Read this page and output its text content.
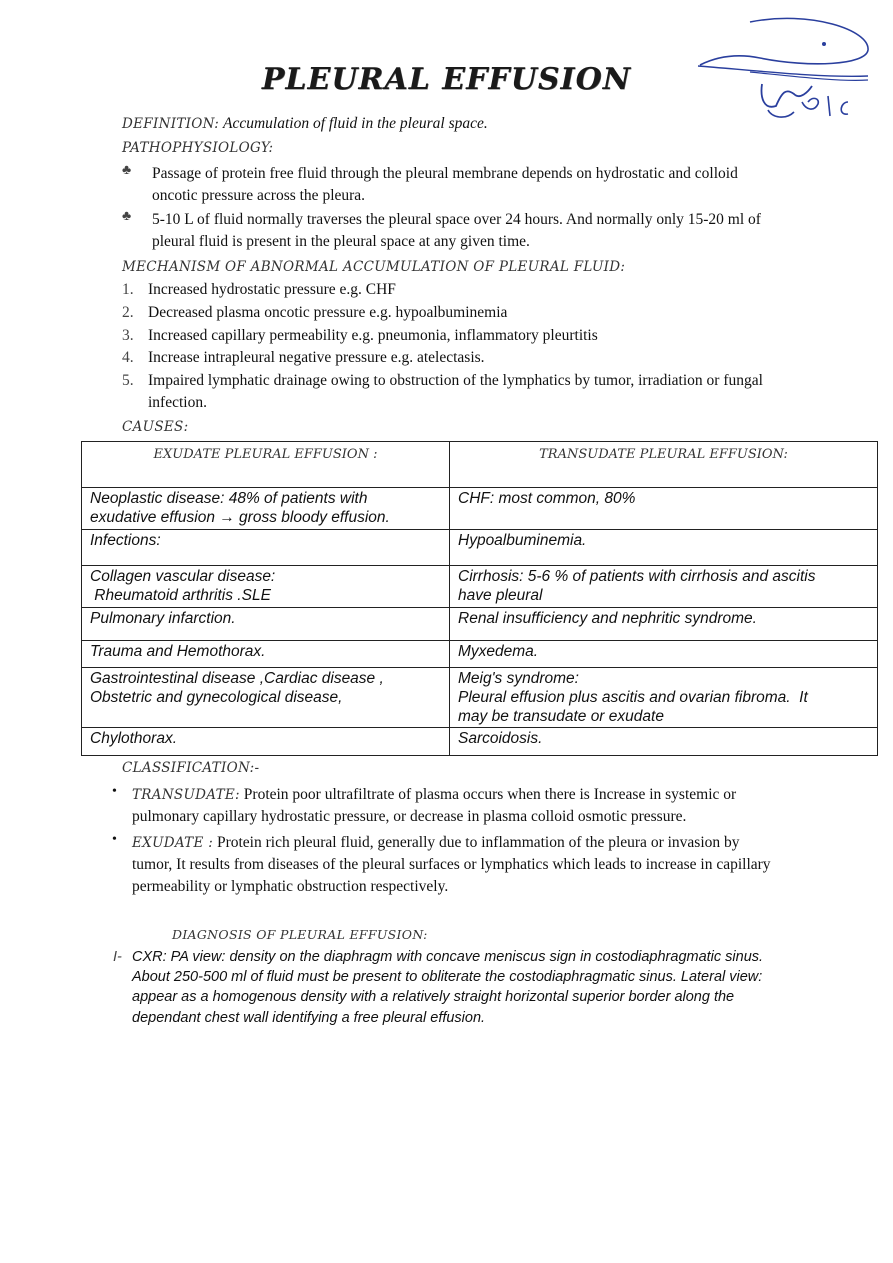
PLEURAL EFFUSION
DEFINITION: Accumulation of fluid in the pleural space.
PATHOPHYSIOLOGY:
♣ Passage of protein free fluid through the pleural membrane depends on hydrostatic and colloid
oncotic pressure across the pleura.
♣ 5-10 L of fluid normally traverses the pleural space over 24 hours. And normally only 15-20 ml of
pleural fluid is present in the pleural space at any given time.
MECHANISM OF ABNORMAL ACCUMULATION OF PLEURAL FLUID:
1. Increased hydrostatic pressure e.g. CHF
2. Decreased plasma oncotic pressure e.g. hypoalbuminemia
3. Increased capillary permeability e.g. pneumonia, inflammatory pleurtitis
4. Increase intrapleural negative pressure e.g. atelectasis.
5. Impaired lymphatic drainage owing to obstruction of the lymphatics by tumor, irradiation or fungal
infection.
CAUSES:
EXUDATE PLEURAL EFFUSION :	TRANSUDATE PLEURAL EFFUSION:
Neoplastic disease: 48% of patients with
exudative effusion → gross bloody effusion.	CHF: most common, 80%
Infections:	Hypoalbuminemia.
Collagen vascular disease:
Rheumatoid arthritis .SLE	Cirrhosis: 5-6 % of patients with cirrhosis and ascitis
have pleural
Pulmonary infarction.	Renal insufficiency and nephritic syndrome.
Trauma and Hemothorax.	Myxedema.
Gastrointestinal disease ,Cardiac disease ,
Obstetric and gynecological disease,	Meig's syndrome:
Pleural effusion plus ascitis and ovarian fibroma.  It
may be transudate or exudate
Chylothorax.	Sarcoidosis.
CLASSIFICATION:-
• TRANSUDATE: Protein poor ultrafiltrate of plasma occurs when there is Increase in systemic or
pulmonary capillary hydrostatic pressure, or decrease in plasma colloid osmotic pressure.
• EXUDATE : Protein rich pleural fluid, generally due to inflammation of the pleura or invasion by
tumor, It results from diseases of the pleural surfaces or lymphatics which leads to increase in capillary
permeability or lymphatic obstruction respectively.
DIAGNOSIS OF PLEURAL EFFUSION:
I- CXR: PA view: density on the diaphragm with concave meniscus sign in costodiaphragmatic sinus.
About 250-500 ml of fluid must be present to obliterate the costodiaphragmatic sinus. Lateral view:
appear as a homogenous density with a relatively straight horizontal superior border along the
dependant chest wall identifying a free pleural effusion.
